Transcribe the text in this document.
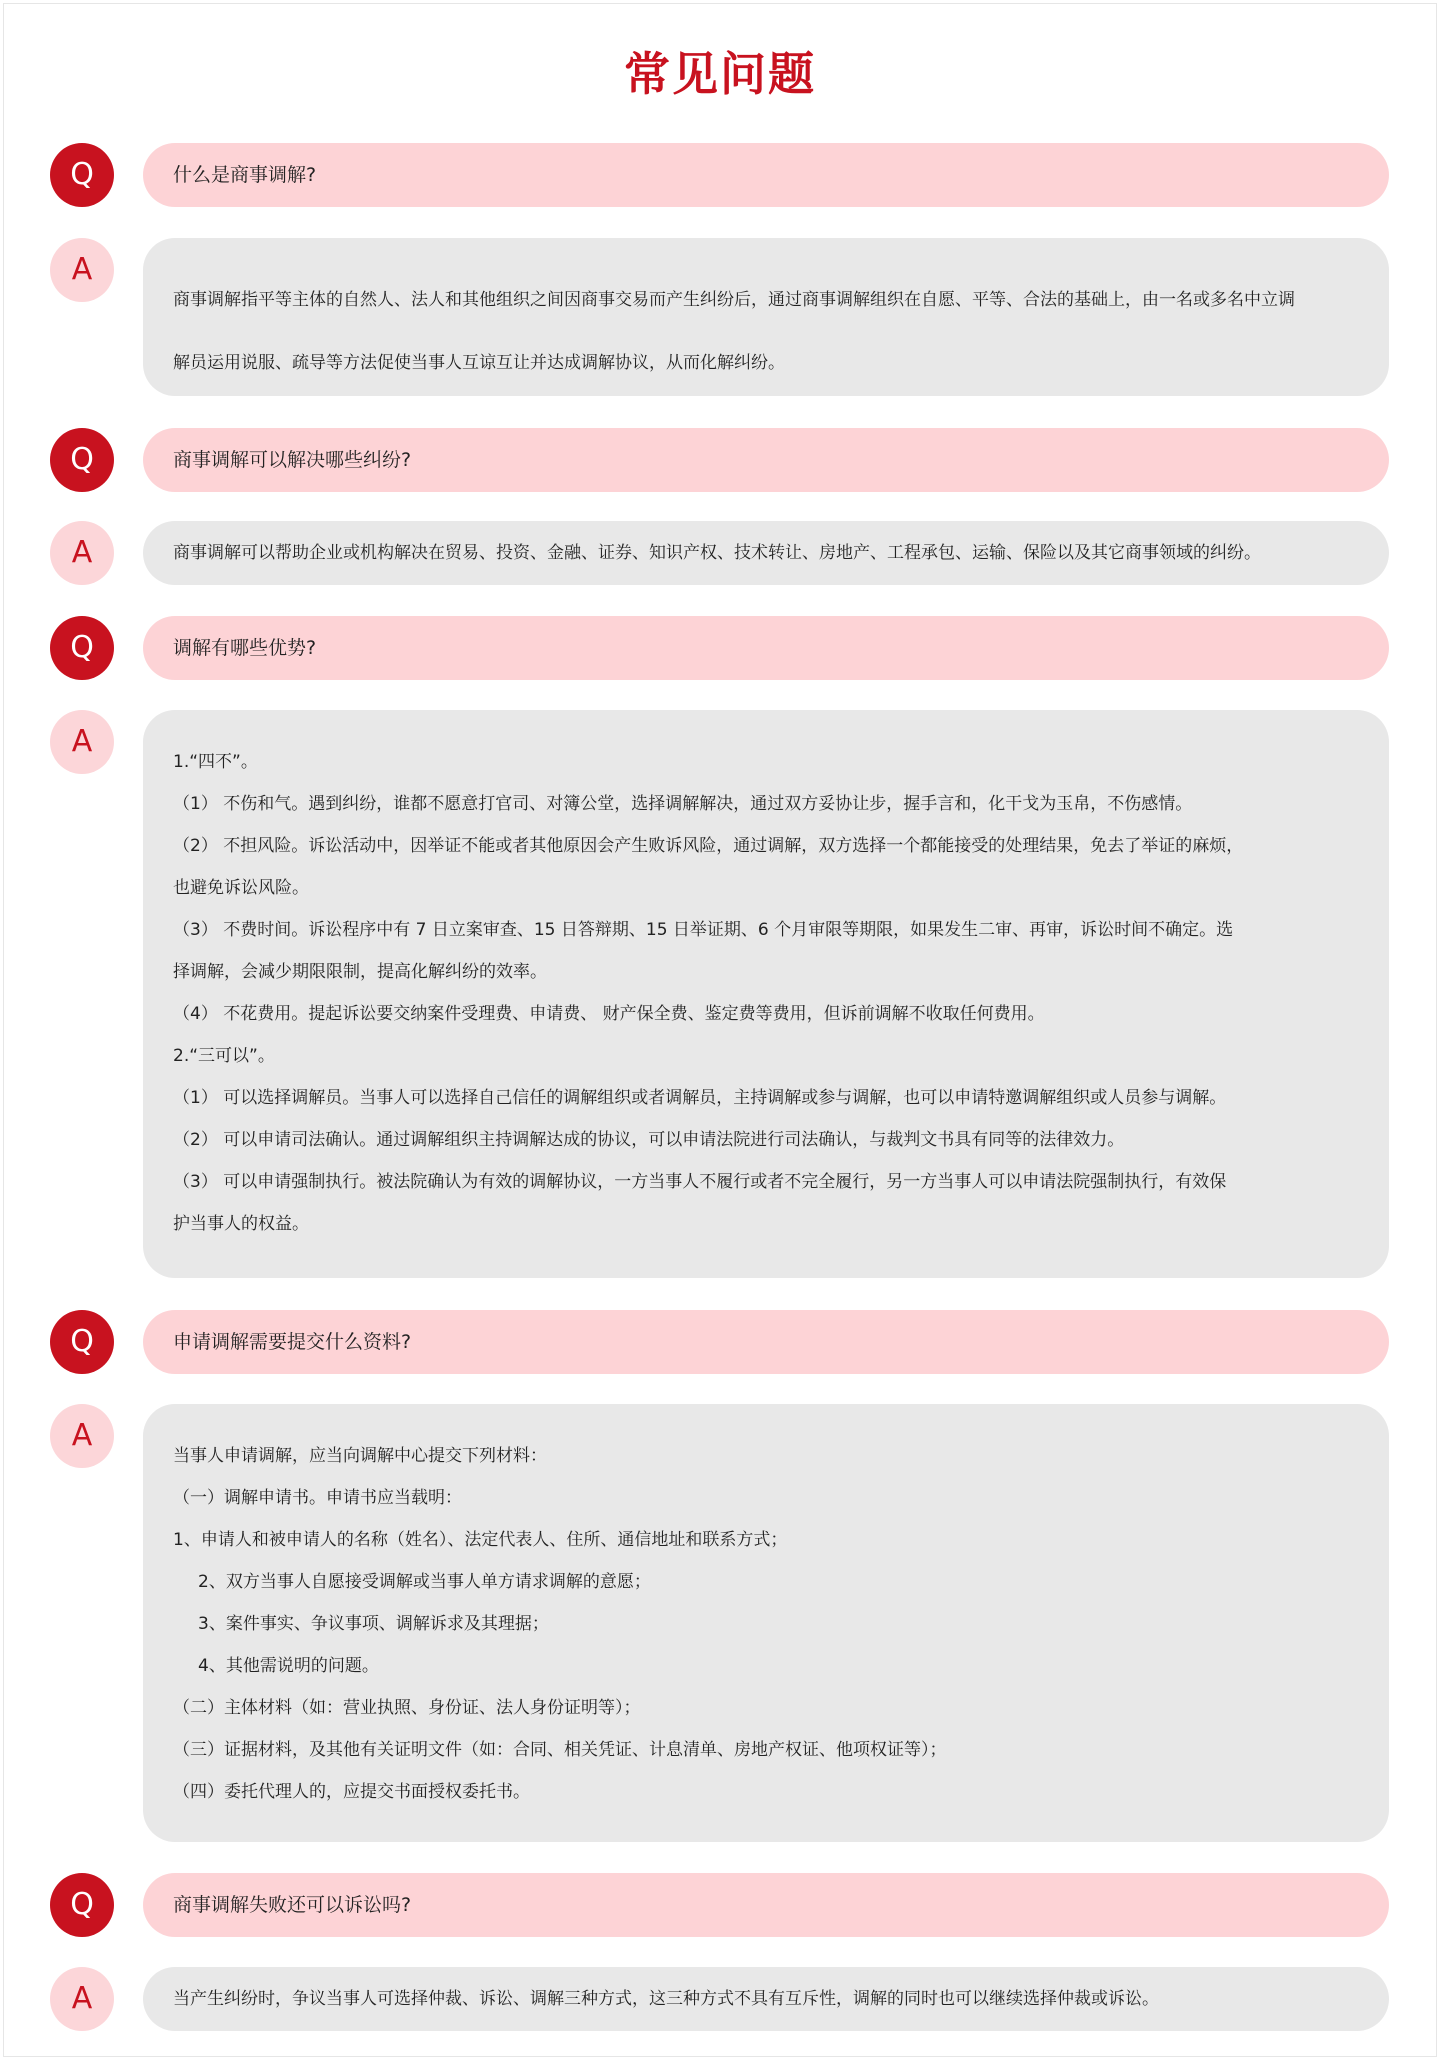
常见问题
Q	什么是商事调解?
A

商事调解指平等主体的自然人、法人和其他组织之间因商事交易而产生纠纷后，通过商事调解组织在自愿、平等、合法的基础上，由一名或多名中立调

解员运用说服、疏导等方法促使当事人互谅互让并达成调解协议，从而化解纠纷。

Q	商事调解可以解决哪些纠纷?
A	商事调解可以帮助企业或机构解决在贸易、投资、金融、证券、知识产权、技术转让、房地产、工程承包、运输、保险以及其它商事领域的纠纷。

Q	调解有哪些优势?
A

1.“四不”。

（1） 不伤和气。遇到纠纷，谁都不愿意打官司、对簿公堂，选择调解解决，通过双方妥协让步，握手言和，化干戈为玉帛，不伤感情。

（2） 不担风险。诉讼活动中，因举证不能或者其他原因会产生败诉风险，通过调解，双方选择一个都能接受的处理结果，免去了举证的麻烦，

也避免诉讼风险。

（3） 不费时间。诉讼程序中有 7 日立案审查、15 日答辩期、15 日举证期、6 个月审限等期限，如果发生二审、再审，诉讼时间不确定。选

择调解，会减少期限限制，提高化解纠纷的效率。

（4） 不花费用。提起诉讼要交纳案件受理费、申请费、 财产保全费、鉴定费等费用，但诉前调解不收取任何费用。

2.“三可以”。

（1） 可以选择调解员。当事人可以选择自己信任的调解组织或者调解员，主持调解或参与调解，也可以申请特邀调解组织或人员参与调解。

（2） 可以申请司法确认。通过调解组织主持调解达成的协议，可以申请法院进行司法确认，与裁判文书具有同等的法律效力。

（3） 可以申请强制执行。被法院确认为有效的调解协议，一方当事人不履行或者不完全履行，另一方当事人可以申请法院强制执行，有效保

护当事人的权益。

Q	申请调解需要提交什么资料?
A

当事人申请调解，应当向调解中心提交下列材料：

（一）调解申请书。申请书应当载明：

1、申请人和被申请人的名称（姓名）、法定代表人、住所、通信地址和联系方式；

2、双方当事人自愿接受调解或当事人单方请求调解的意愿；

3、案件事实、争议事项、调解诉求及其理据；

4、其他需说明的问题。

（二）主体材料（如：营业执照、身份证、法人身份证明等）；

（三）证据材料，及其他有关证明文件（如：合同、相关凭证、计息清单、房地产权证、他项权证等）；

（四）委托代理人的，应提交书面授权委托书。

Q	商事调解失败还可以诉讼吗?
A	当产生纠纷时，争议当事人可选择仲裁、诉讼、调解三种方式，这三种方式不具有互斥性，调解的同时也可以继续选择仲裁或诉讼。
